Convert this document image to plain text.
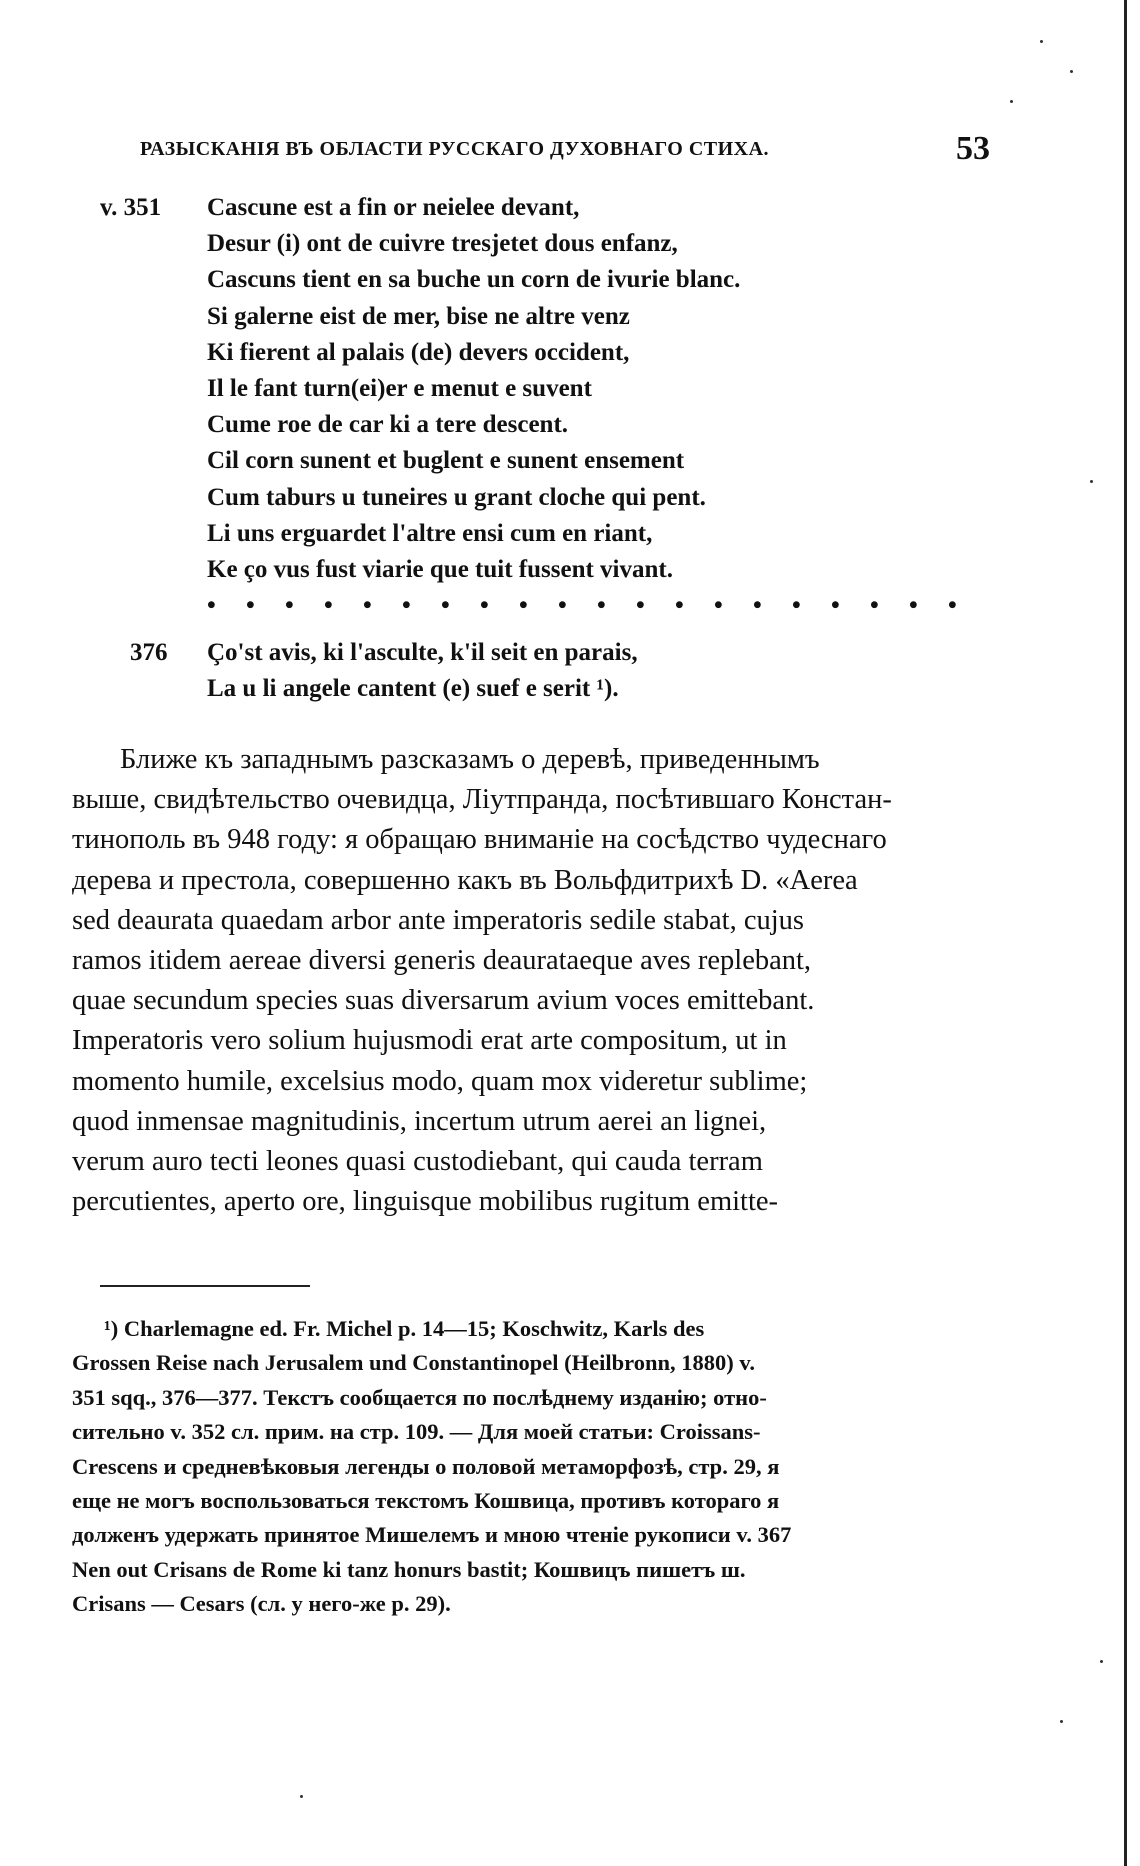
РАЗЫСКАНІЯ ВЪ ОБЛАСТИ РУССКАГО ДУХОВНАГО СТИХА.	53
v. 351	Cascune est a fin or neielee devant,
Desur (i) ont de cuivre tresjetet dous enfanz,
Cascuns tient en sa buche un corn de ivurie blanc.
Si galerne eist de mer, bise ne altre venz
Ki fierent al palais (de) devers occident,
Il le fant turn(ei)er e menut e suvent
Cume roe de car ki a tere descent.
Cil corn sunent et buglent e sunent ensement
Cum taburs u tuneires u grant cloche qui pent.
Li uns erguardet l'altre ensi cum en riant,
Ke ço vus fust viarie que tuit fussent vivant.
• • • • • • • • • • • • • • • • • • • •
376	Ço'st avis, ki l'asculte, k'il seit en parais,
La u li angele cantent (e) suef e serit ¹).
Ближе къ западнымъ разсказамъ о деревѣ, приведеннымъ
выше, свидѣтельство очевидца, Ліутпранда, посѣтившаго Констан-
тинополь въ 948 году: я обращаю вниманіе на сосѣдство чудеснаго
дерева и престола, совершенно какъ въ Вольфдитрихѣ D. «Aerea
sed deaurata quaedam arbor ante imperatoris sedile stabat, cujus
ramos itidem aereae diversi generis deaurataeque aves replebant,
quae secundum species suas diversarum avium voces emittebant.
Imperatoris vero solium hujusmodi erat arte compositum, ut in
momento humile, excelsius modo, quam mox videretur sublime;
quod inmensae magnitudinis, incertum utrum aerei an lignei,
verum auro tecti leones quasi custodiebant, qui cauda terram
percutientes, aperto ore, linguisque mobilibus rugitum emitte-
¹) Charlemagne ed. Fr. Michel p. 14—15; Koschwitz, Karls des
Grossen Reise nach Jerusalem und Constantinopel (Heilbronn, 1880) v.
351 sqq., 376—377. Текстъ сообщается по послѣднему изданію; отно-
сительно v. 352 сл. прим. на стр. 109. — Для моей статьи: Croissans-
Crescens и средневѣковыя легенды о половой метаморфозѣ, стр. 29, я
еще не могъ воспользоваться текстомъ Кошвица, противъ котораго я
долженъ удержать принятое Мишелемъ и мною чтеніе рукописи v. 367
Nen out Crisans de Rome ki tanz honurs bastit; Кошвицъ пишетъ ш.
Crisans — Cesars (сл. у него-же р. 29).
